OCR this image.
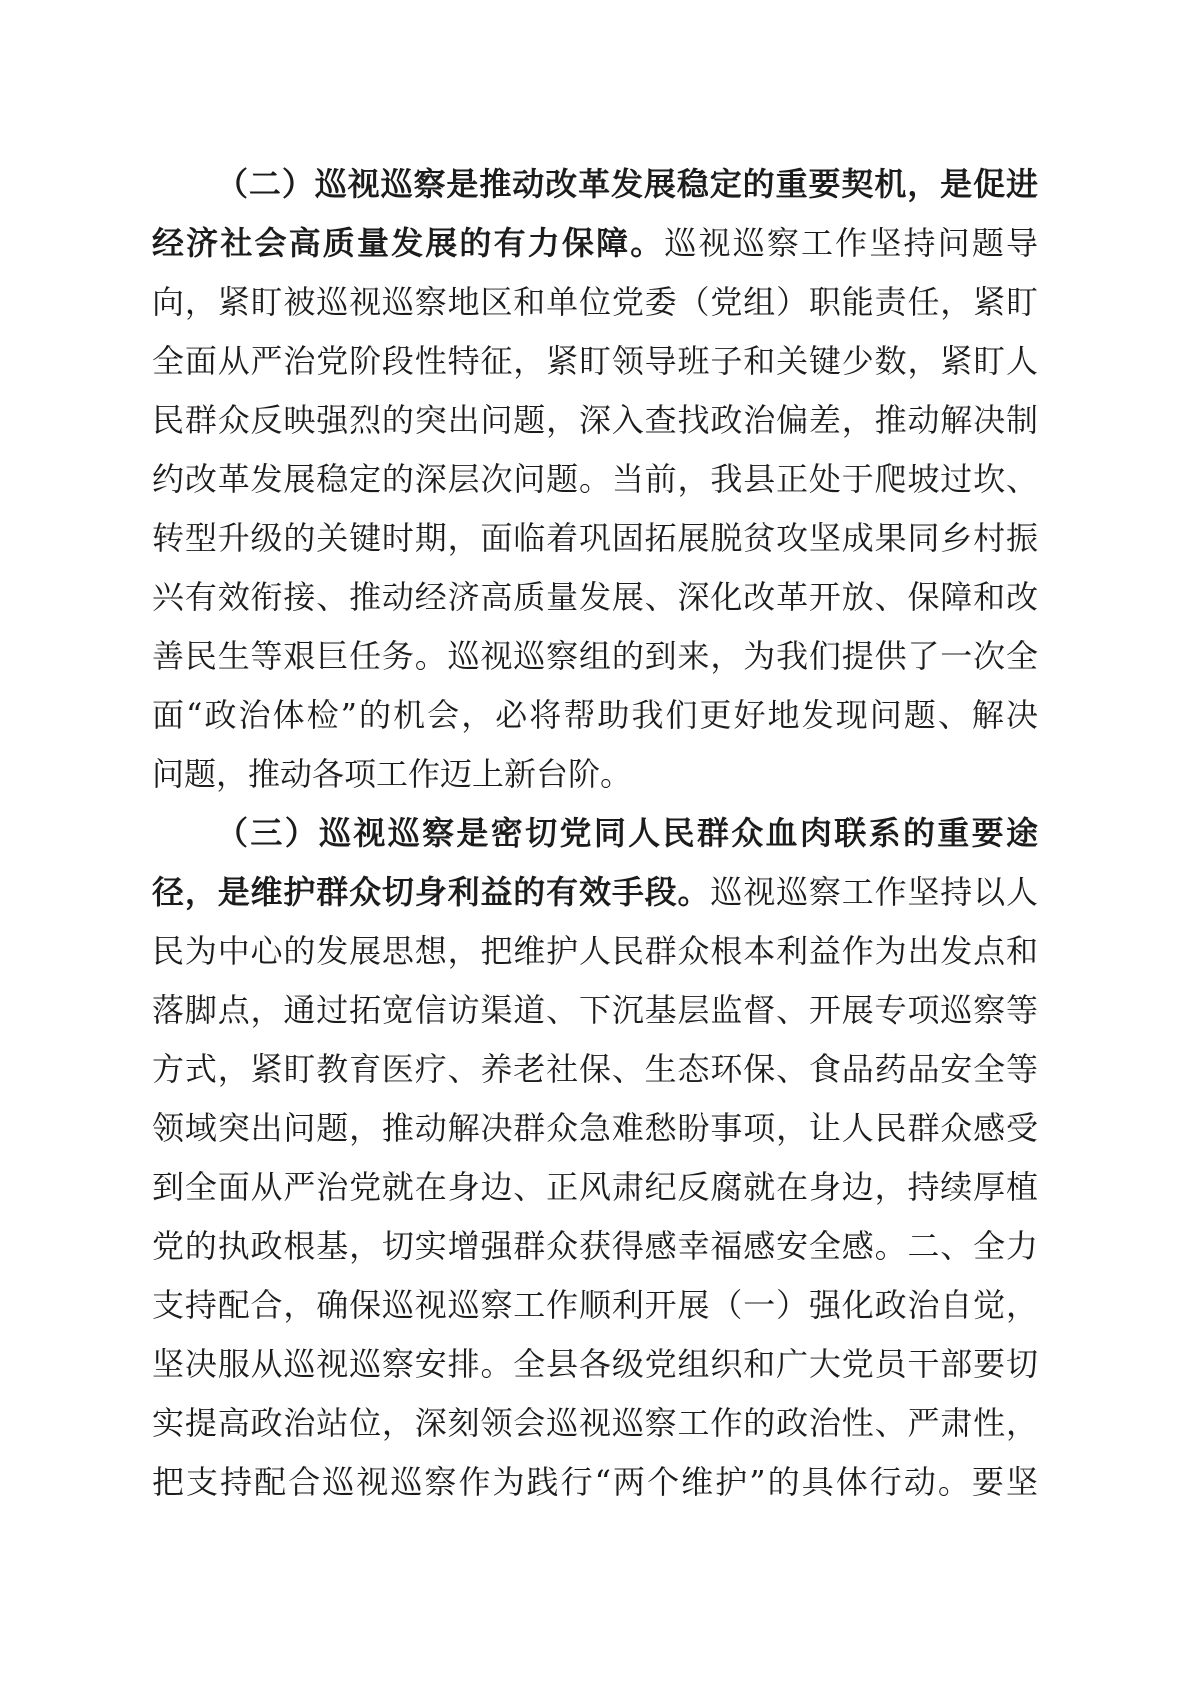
（二）巡视巡察是推动改革发展稳定的重要契机，是促进
经济社会高质量发展的有力保障。巡视巡察工作坚持问题导
向，紧盯被巡视巡察地区和单位党委（党组）职能责任，紧盯
全面从严治党阶段性特征，紧盯领导班子和关键少数，紧盯人
民群众反映强烈的突出问题，深入查找政治偏差，推动解决制
约改革发展稳定的深层次问题。当前，我县正处于爬坡过坎、
转型升级的关键时期，面临着巩固拓展脱贫攻坚成果同乡村振
兴有效衔接、推动经济高质量发展、深化改革开放、保障和改
善民生等艰巨任务。巡视巡察组的到来，为我们提供了一次全
面“政治体检”的机会，必将帮助我们更好地发现问题、解决
问题，推动各项工作迈上新台阶。
（三）巡视巡察是密切党同人民群众血肉联系的重要途
径，是维护群众切身利益的有效手段。巡视巡察工作坚持以人
民为中心的发展思想，把维护人民群众根本利益作为出发点和
落脚点，通过拓宽信访渠道、下沉基层监督、开展专项巡察等
方式，紧盯教育医疗、养老社保、生态环保、食品药品安全等
领域突出问题，推动解决群众急难愁盼事项，让人民群众感受
到全面从严治党就在身边、正风肃纪反腐就在身边，持续厚植
党的执政根基，切实增强群众获得感幸福感安全感。二、全力
支持配合，确保巡视巡察工作顺利开展（一）强化政治自觉，
坚决服从巡视巡察安排。全县各级党组织和广大党员干部要切
实提高政治站位，深刻领会巡视巡察工作的政治性、严肃性，
把支持配合巡视巡察作为践行“两个维护”的具体行动。要坚
